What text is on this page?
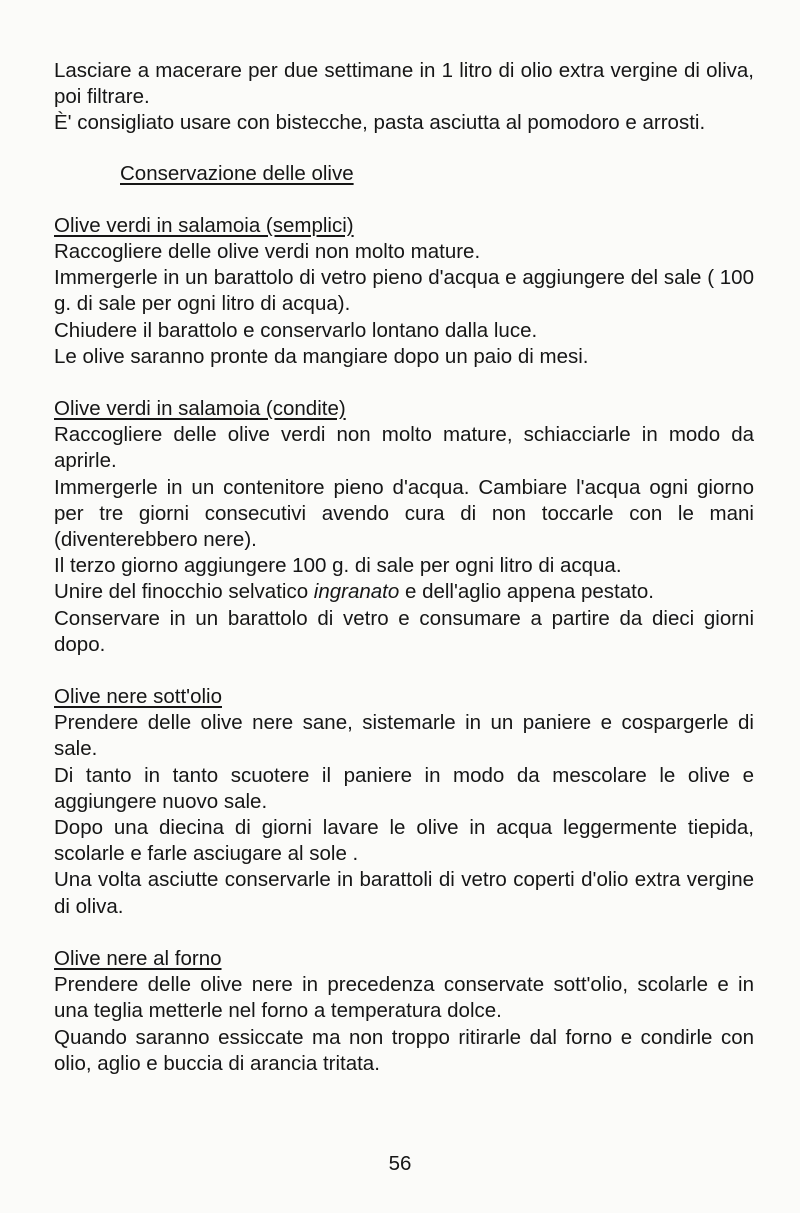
Lasciare a macerare per due settimane in 1 litro di olio extra vergine di oliva, poi filtrare.

È' consigliato usare con bistecche, pasta asciutta al pomodoro e arrosti.

Conservazione delle olive

Olive verdi in salamoia (semplici)

Raccogliere delle olive verdi non molto mature.

Immergerle in un barattolo di vetro pieno d'acqua e aggiungere del sale ( 100 g. di sale per ogni litro di acqua).

Chiudere il barattolo e conservarlo lontano dalla luce.

Le olive saranno pronte da mangiare dopo un paio di mesi.

Olive verdi in salamoia (condite)

Raccogliere delle olive verdi non molto mature, schiacciarle in modo da aprirle.

Immergerle in un contenitore pieno d'acqua. Cambiare l'acqua ogni giorno per tre giorni consecutivi avendo cura di non toccarle con le mani (diventerebbero nere).

Il terzo giorno aggiungere 100 g. di sale per ogni litro di acqua.

Unire del finocchio selvatico ingranato e dell'aglio appena pestato.

Conservare in un barattolo di vetro e consumare a partire da dieci giorni dopo.

Olive nere sott'olio

Prendere delle olive nere sane, sistemarle in un paniere e cospargerle di sale.

Di tanto in tanto scuotere il paniere in modo da mescolare le olive e aggiungere nuovo sale.

Dopo una diecina di giorni lavare le olive in acqua leggermente tiepida, scolarle e farle asciugare al sole .

Una volta asciutte conservarle in barattoli di vetro coperti d'olio extra vergine di oliva.

Olive nere al forno

Prendere delle olive nere in precedenza conservate sott'olio, scolarle e in una teglia metterle nel forno a temperatura dolce.

Quando saranno essiccate ma non troppo ritirarle dal forno e condirle con olio, aglio e buccia di arancia tritata.

56
